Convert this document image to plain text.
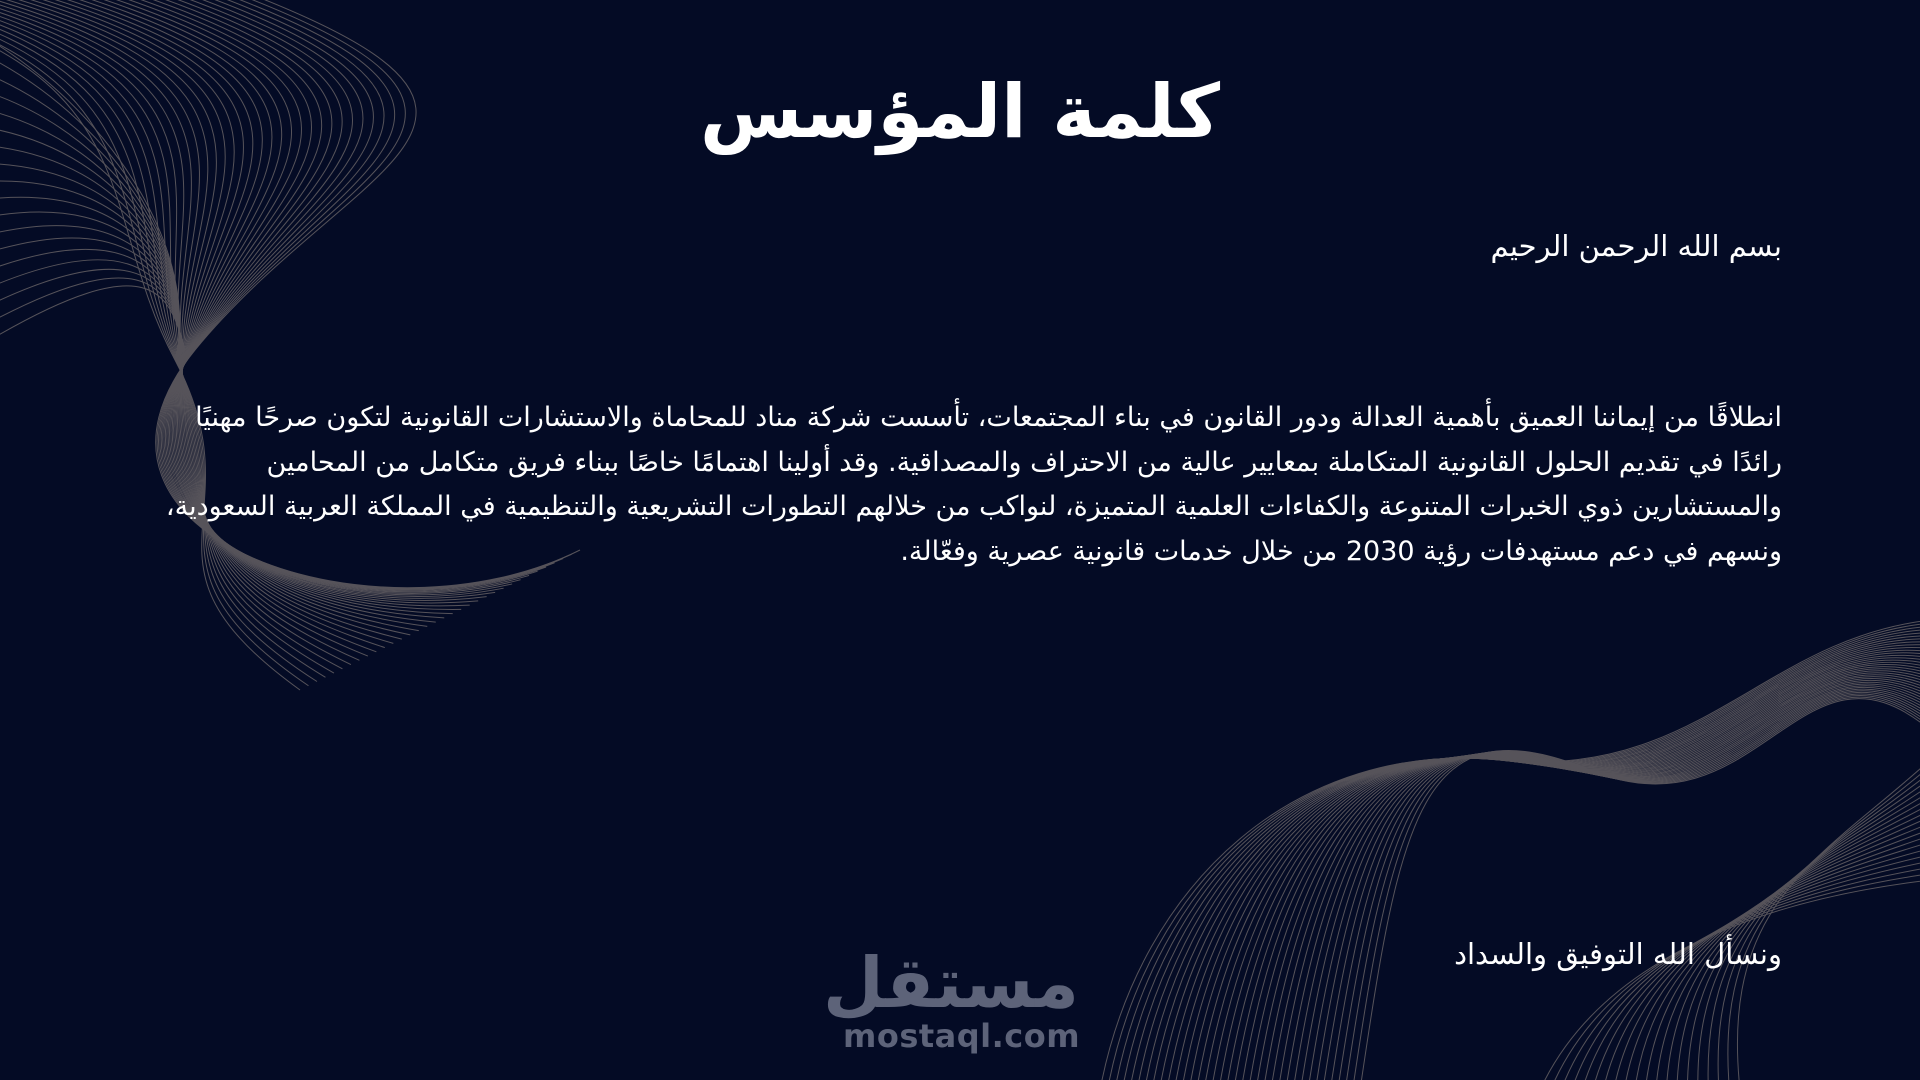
كلمة المؤسس
بسم الله الرحمن الرحيم
انطلاقًا من إيماننا العميق بأهمية العدالة ودور القانون في بناء المجتمعات، تأسست شركة مناد للمحاماة والاستشارات القانونية لتكون صرحًا مهنيًا رائدًا في تقديم الحلول القانونية المتكاملة بمعايير عالية من الاحتراف والمصداقية. وقد أولينا اهتمامًا خاصًا ببناء فريق متكامل من المحامين والمستشارين ذوي الخبرات المتنوعة والكفاءات العلمية المتميزة، لنواكب من خلالهم التطورات التشريعية والتنظيمية في المملكة العربية السعودية، ونسهم في دعم مستهدفات رؤية 2030 من خلال خدمات قانونية عصرية وفعّالة.
ونسأل الله التوفيق والسداد
مستقل
mostaql.com
